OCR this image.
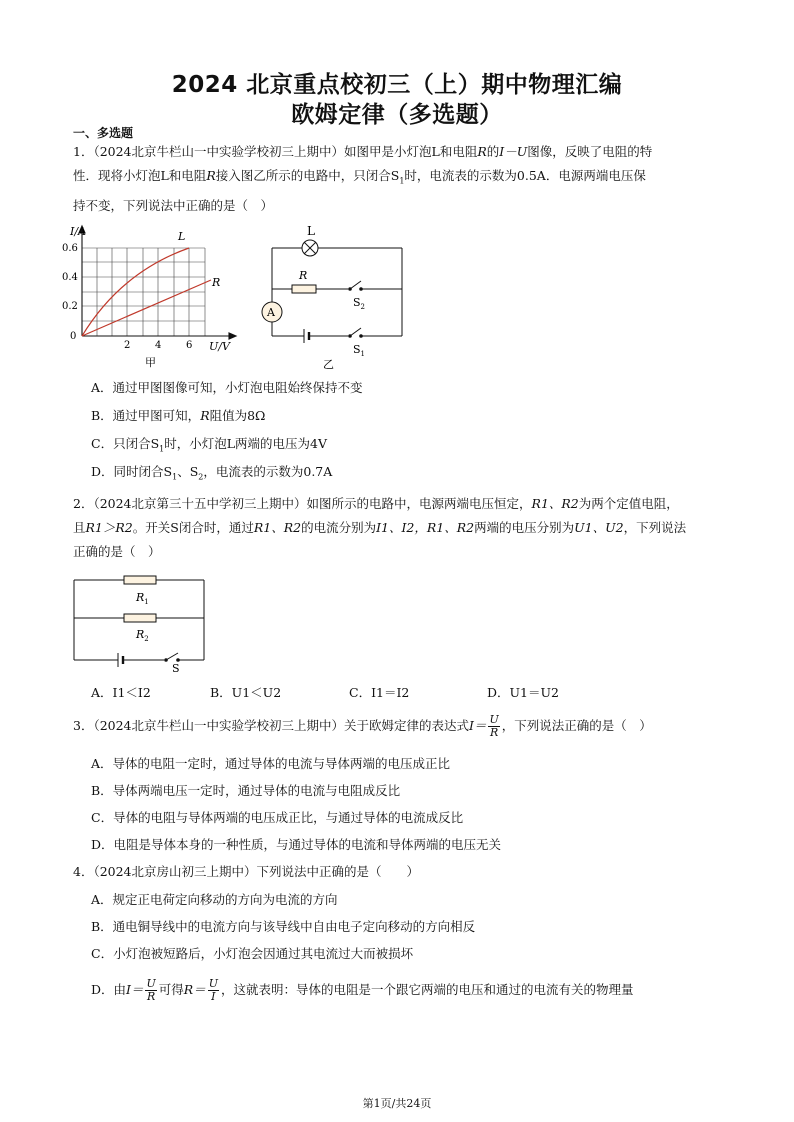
2024 北京重点校初三（上）期中物理汇编
欧姆定律（多选题）
一、多选题
1．（2024北京牛栏山一中实验学校初三上期中）如图甲是小灯泡L和电阻R的I－U图像，反映了电阻的特
性．现将小灯泡L和电阻R接入图乙所示的电路中，只闭合$S_1$时，电流表的示数为0.5A．电源两端电压保
持不变，下列说法中正确的是（　）
I/A
U/V
0.6
0.4
0.2
0
2 4 6
L
R
甲
A
L
R
$S_2$
$S_1$
乙
A．通过甲图图像可知，小灯泡电阻始终保持不变
B．通过甲图可知，R阻值为8Ω
C．只闭合$S_1$时，小灯泡L两端的电压为4V
D．同时闭合$S_1$、$S_2$，电流表的示数为0.7A
2．（2024北京第三十五中学初三上期中）如图所示的电路中，电源两端电压恒定，R1、R2为两个定值电阻，
且R1＞R2。开关S闭合时，通过R1、R2的电流分别为I1、I2，R1、R2两端的电压分别为U1、U2，下列说法
正确的是（　）
$R_1$
$R_2$
S
A．I1＜I2	B．U1＜U2	C．I1＝I2	D．U1＝U2
3．（2024北京牛栏山一中实验学校初三上期中）关于欧姆定律的表达式$I= \frac{U}{R}$ ，下列说法正确的是（　）
A．导体的电阻一定时，通过导体的电流与导体两端的电压成正比
B．导体两端电压一定时，通过导体的电流与电阻成反比
C．导体的电阻与导体两端的电压成正比，与通过导体的电流成反比
D．电阻是导体本身的一种性质，与通过导体的电流和导体两端的电压无关
4．（2024北京房山初三上期中）下列说法中正确的是（　　）
A．规定正电荷定向移动的方向为电流的方向
B．通电铜导线中的电流方向与该导线中自由电子定向移动的方向相反
C．小灯泡被短路后，小灯泡会因通过其电流过大而被损坏
D．由$I= \frac{U}{R}$ 可得$R= \frac{U}{I}$ ，这就表明：导体的电阻是一个跟它两端的电压和通过的电流有关的物理量
第1页/共24页
